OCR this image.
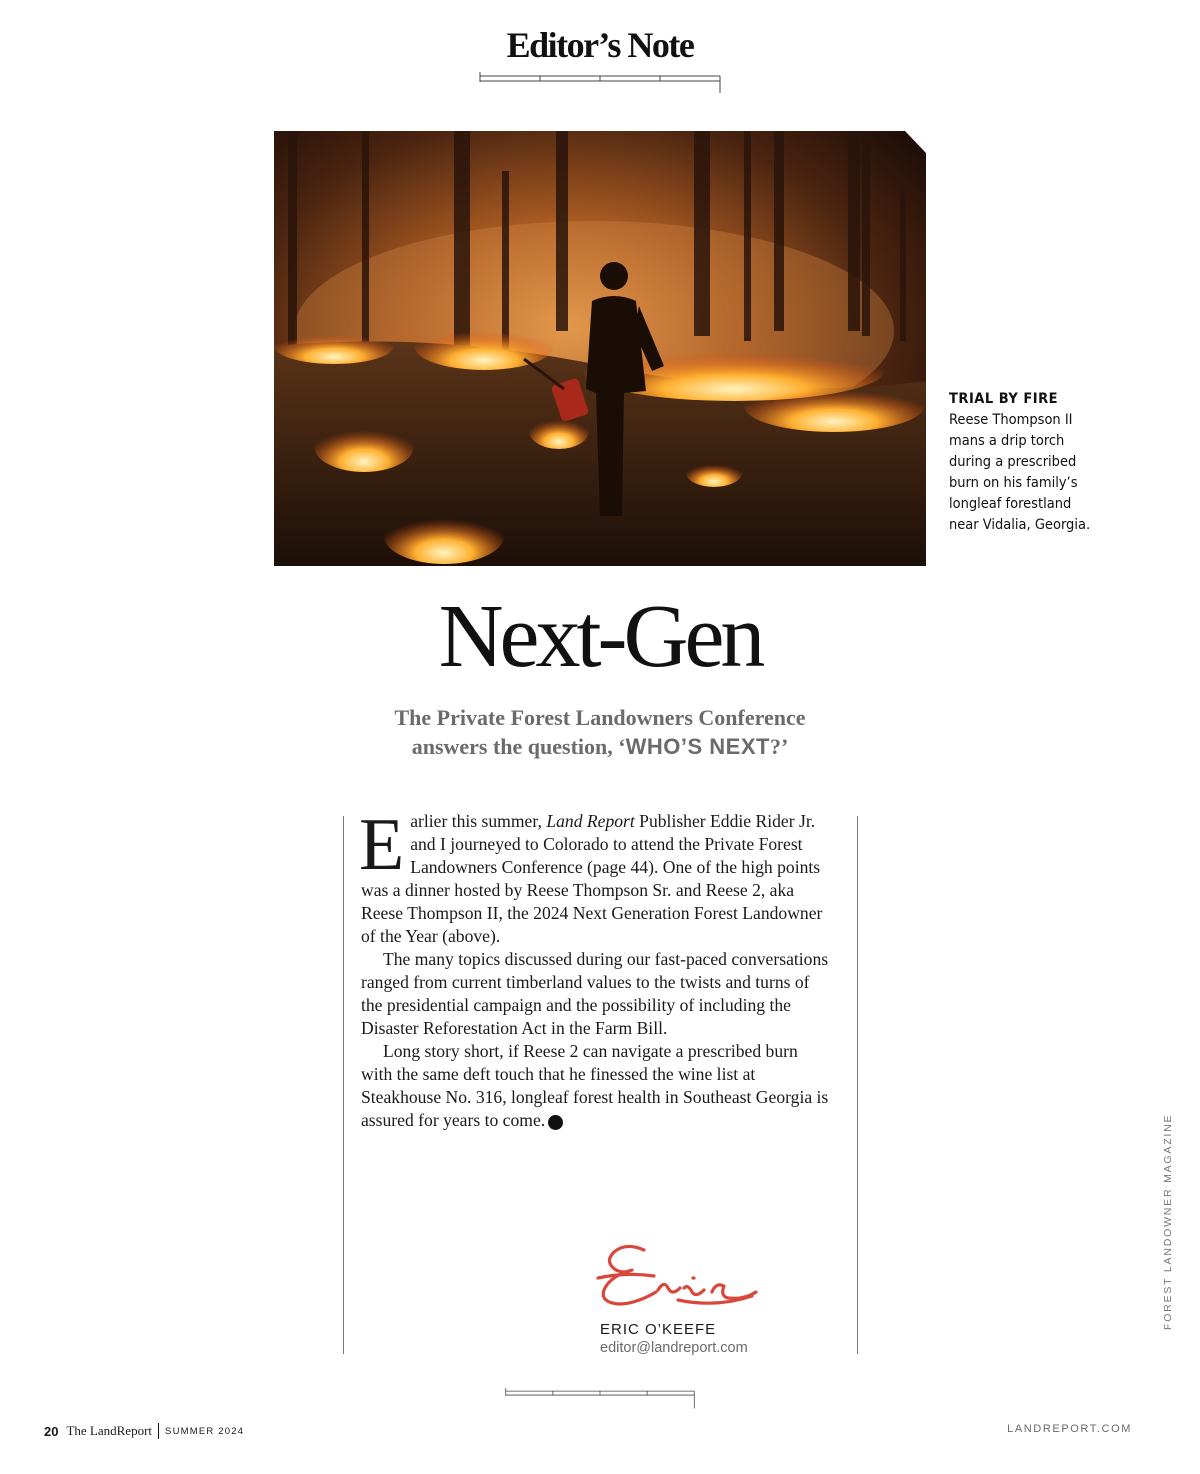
Editor’s Note
TRIAL BY FIRE
Reese Thompson II
mans a drip torch
during a prescribed
burn on his family’s
longleaf forestland
near Vidalia, Georgia.
Next-Gen
The Private Forest Landowners Conference
answers the question, ‘WHO’S NEXT?’

Earlier this summer, Land Report Publisher Eddie Rider Jr. and I journeyed to Colorado to attend the Private Forest Landowners Conference (page 44). One of the high points was a dinner hosted by Reese Thompson Sr. and Reese 2, aka Reese Thompson II, the 2024 Next Generation Forest Landowner of the Year (above).

The many topics discussed during our fast-paced conversations ranged from current timberland values to the twists and turns of the presidential campaign and the possibility of including the Disaster Reforestation Act in the Farm Bill.

Long story short, if Reese 2 can navigate a prescribed burn with the same deft touch that he finessed the wine list at Steakhouse No. 316, longleaf forest health in Southeast Georgia is assured for years to come.	LR

ERIC O’KEEFE
editor@landreport.com
FOREST LANDOWNER MAGAZINE
20 The LandReport SUMMER 2024	LANDREPORT.COM
